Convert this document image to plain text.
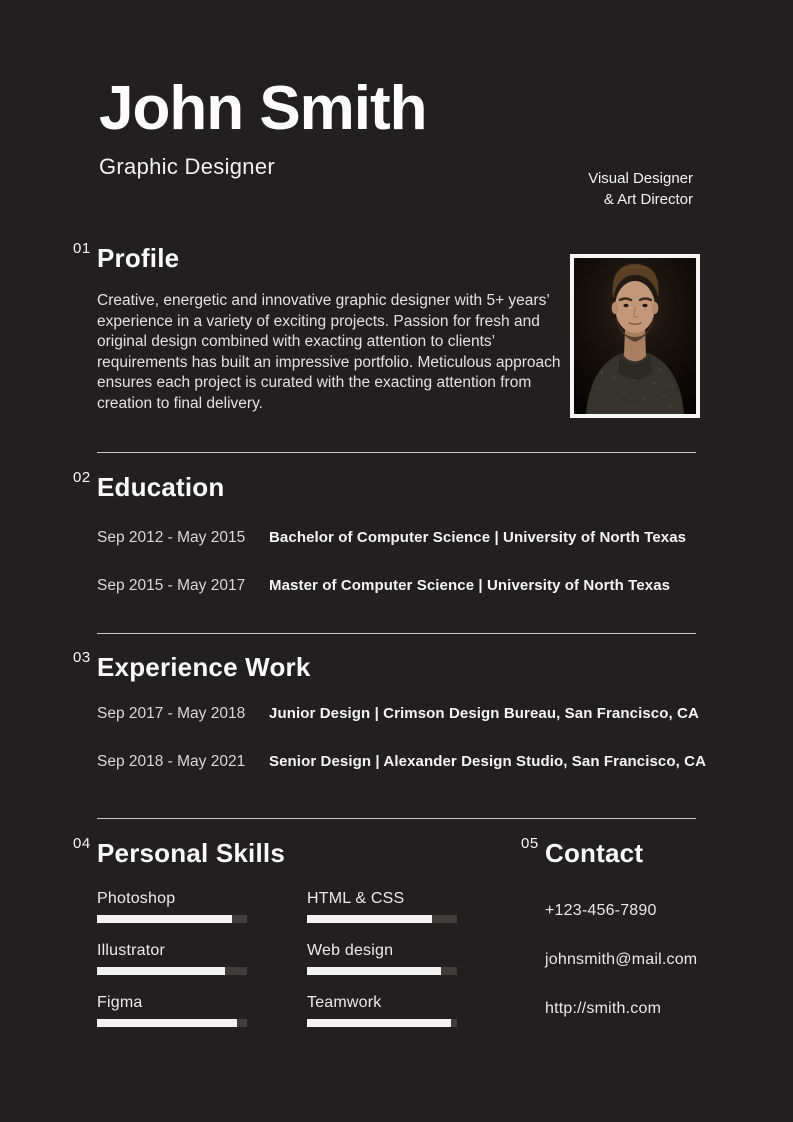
John Smith
Graphic Designer	Visual Designer
& Art Director
01 Profile

Creative, energetic and innovative graphic designer with 5+ years’ experience in a variety of exciting projects. Passion for fresh and original design combined with exacting attention to clients’ requirements has built an impressive portfolio. Meticulous approach ensures each project is curated with the exacting attention from creation to final delivery.

02 Education
Sep 2012 - May 2015	Bachelor of Computer Science | University of North Texas
Sep 2015 - May 2017	Master of Computer Science | University of North Texas
03 Experience Work
Sep 2017 - May 2018	Junior Design | Crimson Design Bureau, San Francisco, CA
Sep 2018 - May 2021	Senior Design | Alexander Design Studio, San Francisco, CA
04 Personal Skills
Photoshop	HTML & CSS
Illustrator	Web design
Figma	Teamwork
05 Contact
+123-456-7890
johnsmith@mail.com
http://smith.com
